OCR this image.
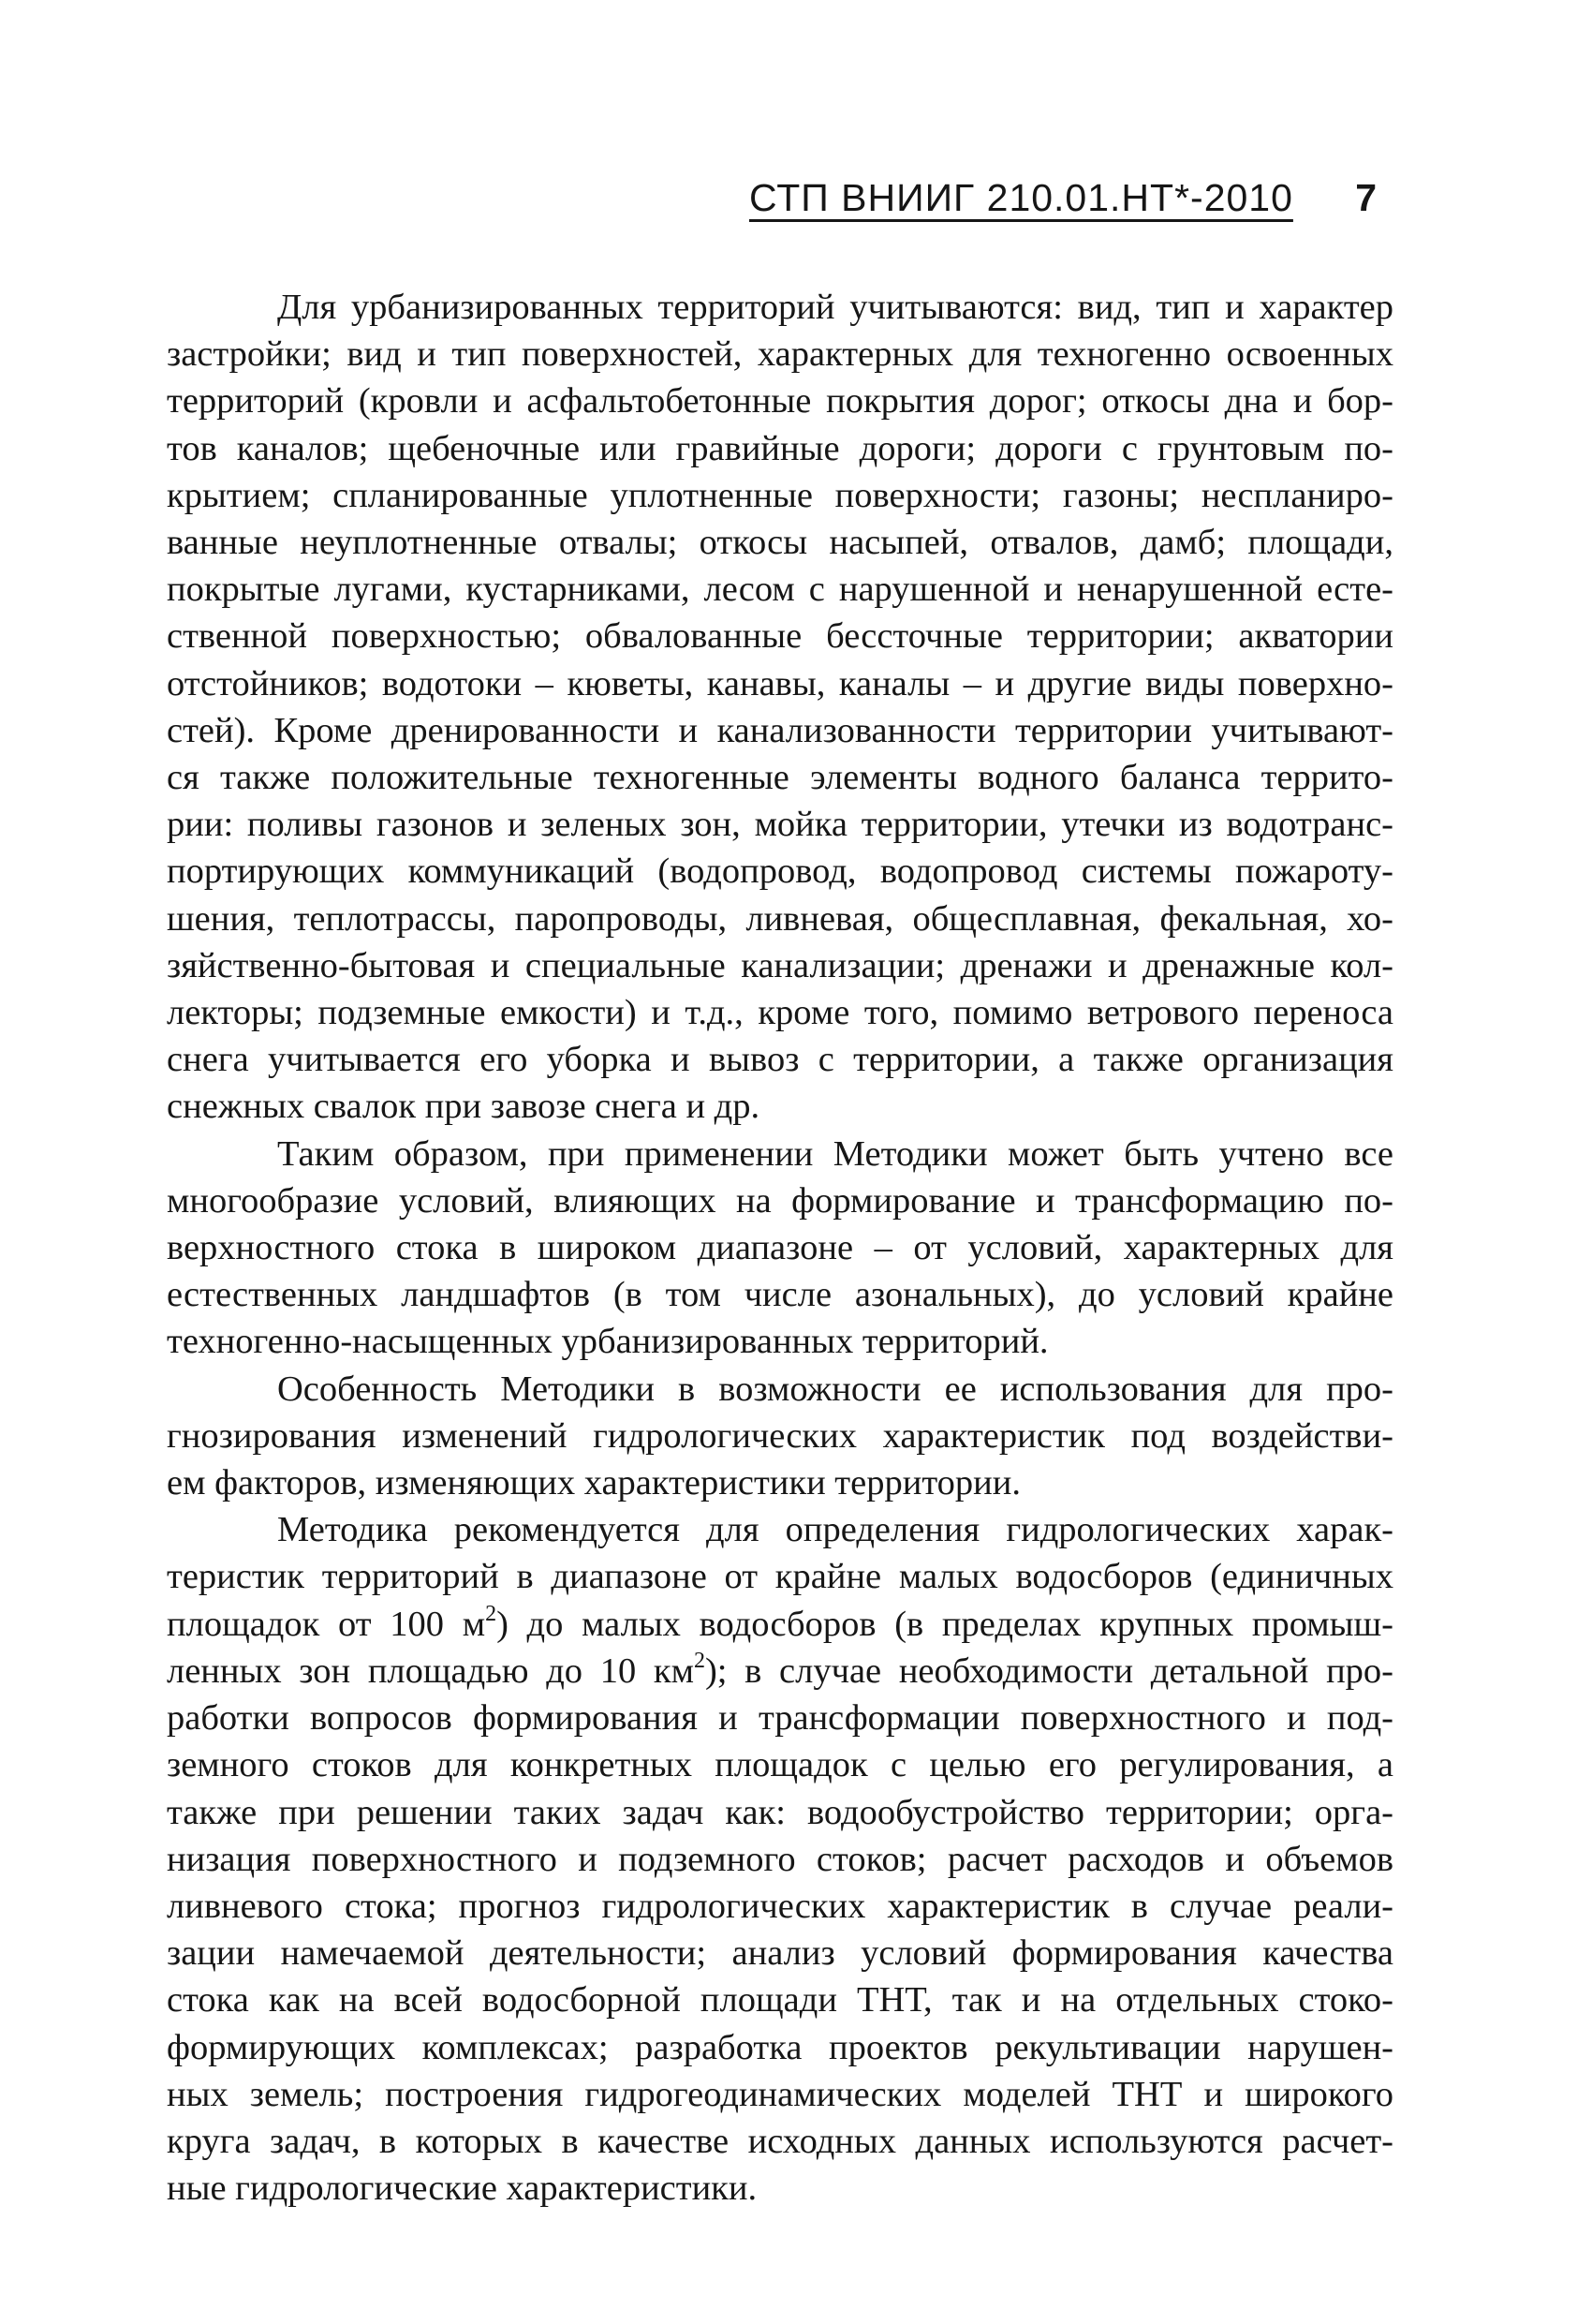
СТП ВНИИГ 210.01.НТ*-2010 7
Для урбанизированных территорий учитываются: вид, тип и характер
застройки; вид и тип поверхностей, характерных для техногенно освоенных
территорий (кровли и асфальтобетонные покрытия дорог; откосы дна и бор-
тов каналов; щебеночные или гравийные дороги; дороги с грунтовым по-
крытием; спланированные уплотненные поверхности; газоны; неспланиро-
ванные неуплотненные отвалы; откосы насыпей, отвалов, дамб; площади,
покрытые лугами, кустарниками, лесом с нарушенной и ненарушенной есте-
ственной поверхностью; обвалованные бессточные территории; акватории
отстойников; водотоки – кюветы, канавы, каналы – и другие виды поверхно-
стей). Кроме дренированности и канализованности территории учитывают-
ся также положительные техногенные элементы водного баланса террито-
рии: поливы газонов и зеленых зон, мойка территории, утечки из водотранс-
портирующих коммуникаций (водопровод, водопровод системы пожароту-
шения, теплотрассы, паропроводы, ливневая, общесплавная, фекальная, хо-
зяйственно-бытовая и специальные канализации; дренажи и дренажные кол-
лекторы; подземные емкости) и т.д., кроме того, помимо ветрового переноса
снега учитывается его уборка и вывоз с территории, а также организация
снежных свалок при завозе снега и др.
Таким образом, при применении Методики может быть учтено все
многообразие условий, влияющих на формирование и трансформацию по-
верхностного стока в широком диапазоне – от условий, характерных для
естественных ландшафтов (в том числе азональных), до условий крайне
техногенно-насыщенных урбанизированных территорий.
Особенность Методики в возможности ее использования для про-
гнозирования изменений гидрологических характеристик под воздействи-
ем факторов, изменяющих характеристики территории.
Методика рекомендуется для определения гидрологических харак-
теристик территорий в диапазоне от крайне малых водосборов (единичных
площадок от 100 $м^2$) до малых водосборов (в пределах крупных промыш-
ленных зон площадью до 10 $км^2$); в случае необходимости детальной про-
работки вопросов формирования и трансформации поверхностного и под-
земного стоков для конкретных площадок с целью его регулирования, а
также при решении таких задач как: водообустройство территории; орга-
низация поверхностного и подземного стоков; расчет расходов и объемов
ливневого стока; прогноз гидрологических характеристик в случае реали-
зации намечаемой деятельности; анализ условий формирования качества
стока как на всей водосборной площади ТНТ, так и на отдельных стоко-
формирующих комплексах; разработка проектов рекультивации нарушен-
ных земель; построения гидрогеодинамических моделей ТНТ и широкого
круга задач, в которых в качестве исходных данных используются расчет-
ные гидрологические характеристики.
